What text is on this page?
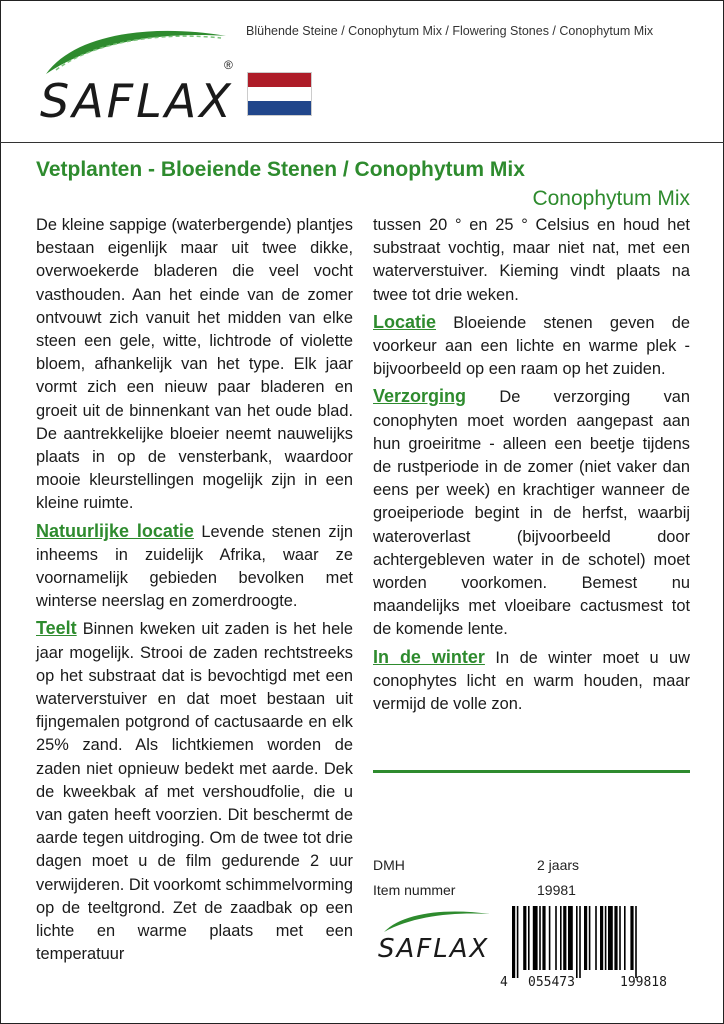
Blühende Steine / Conophytum Mix / Flowering Stones / Conophytum Mix
SAFLAX
®
Vetplanten - Bloeiende Stenen / Conophytum Mix
Conophytum Mix

De kleine sappige (waterbergende) plantjes bestaan eigenlijk maar uit twee dikke, overwoekerde bladeren die veel vocht vasthouden. Aan het einde van de zomer ontvouwt zich vanuit het midden van elke steen een gele, witte, lichtrode of violette bloem, afhankelijk van het type. Elk jaar vormt zich een nieuw paar bladeren en groeit uit de binnenkant van het oude blad. De aantrekkelijke bloeier neemt nauwelijks plaats in op de vensterbank, waardoor mooie kleurstellingen mogelijk zijn in een kleine ruimte.

Natuurlijke locatie Levende stenen zijn inheems in zuidelijk Afrika, waar ze voornamelijk gebieden bevolken met winterse neerslag en zomerdroogte.

Teelt Binnen kweken uit zaden is het hele jaar mogelijk. Strooi de zaden rechtstreeks op het substraat dat is bevochtigd met een waterverstuiver en dat moet bestaan uit fijngemalen potgrond of cactusaarde en elk 25% zand. Als lichtkiemen worden de zaden niet opnieuw bedekt met aarde. Dek de kweekbak af met vershoudfolie, die u van gaten heeft voorzien. Dit beschermt de aarde tegen uitdroging. Om de twee tot drie dagen moet u de film gedurende 2 uur verwijderen. Dit voorkomt schimmelvorming op de teeltgrond. Zet de zaadbak op een lichte en warme plaats met een temperatuur

tussen 20 ° en 25 ° Celsius en houd het substraat vochtig, maar niet nat, met een waterverstuiver. Kieming vindt plaats na twee tot drie weken.

Locatie Bloeiende stenen geven de voorkeur aan een lichte en warme plek - bijvoorbeeld op een raam op het zuiden.

Verzorging De verzorging van conophyten moet worden aangepast aan hun groeiritme - alleen een beetje tijdens de rustperiode in de zomer (niet vaker dan eens per week) en krachtiger wanneer de groeiperiode begint in de herfst, waarbij wateroverlast (bijvoorbeeld door achtergebleven water in de schotel) moet worden voorkomen. Bemest nu maandelijks met vloeibare cactusmest tot de komende lente.

In de winter In de winter moet u uw conophytes licht en warm houden, maar vermijd de volle zon.

DMH	2 jaars
Item nummer	19981
SAFLAX
4 055473	199818
